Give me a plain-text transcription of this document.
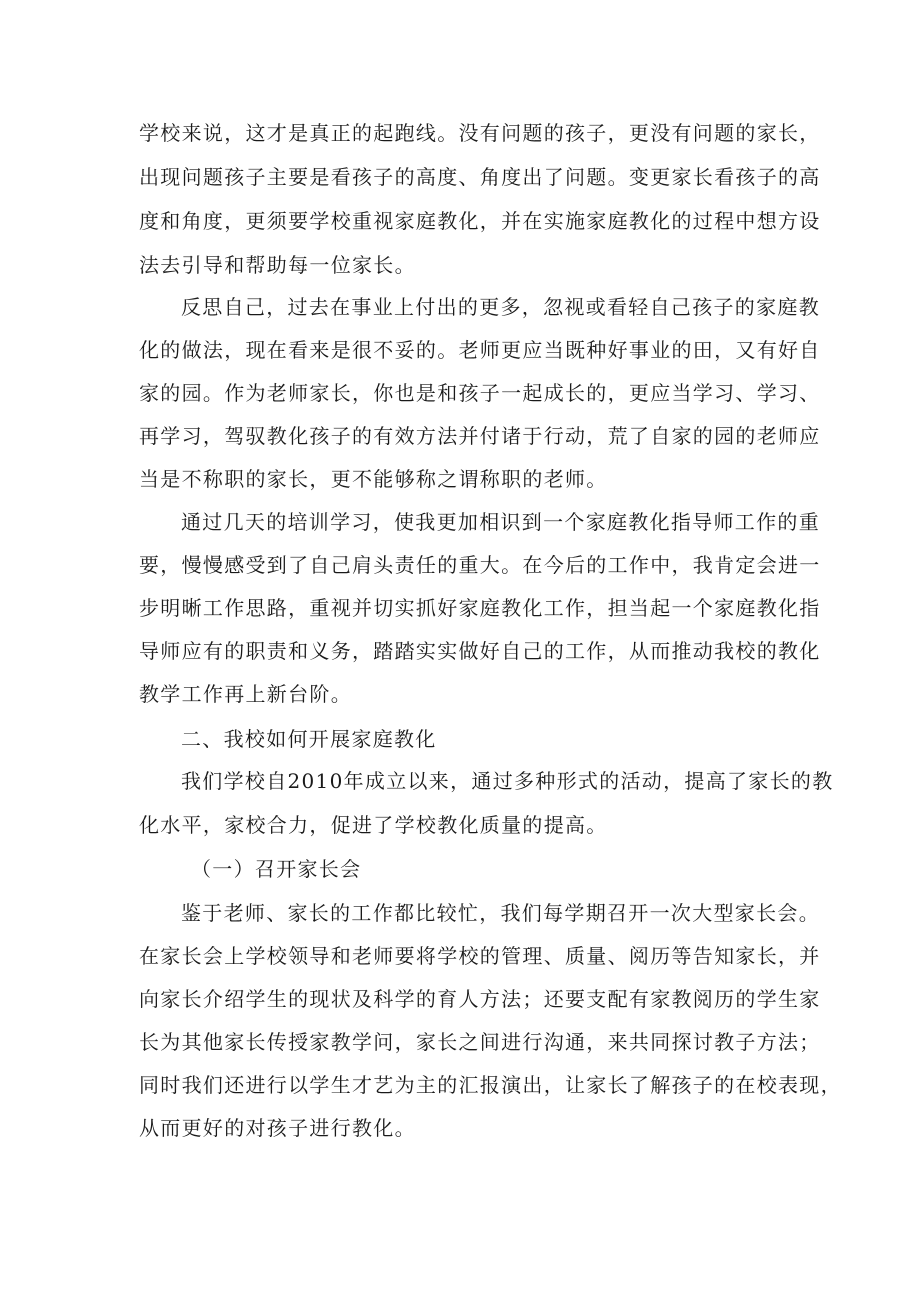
学校来说，这才是真正的起跑线。没有问题的孩子，更没有问题的家长，
出现问题孩子主要是看孩子的高度、角度出了问题。变更家长看孩子的高
度和角度，更须要学校重视家庭教化，并在实施家庭教化的过程中想方设
法去引导和帮助每一位家长。
反思自己，过去在事业上付出的更多，忽视或看轻自己孩子的家庭教
化的做法，现在看来是很不妥的。老师更应当既种好事业的田，又有好自
家的园。作为老师家长，你也是和孩子一起成长的，更应当学习、学习、
再学习，驾驭教化孩子的有效方法并付诸于行动，荒了自家的园的老师应
当是不称职的家长，更不能够称之谓称职的老师。
通过几天的培训学习，使我更加相识到一个家庭教化指导师工作的重
要，慢慢感受到了自己肩头责任的重大。在今后的工作中，我肯定会进一
步明晰工作思路，重视并切实抓好家庭教化工作，担当起一个家庭教化指
导师应有的职责和义务，踏踏实实做好自己的工作，从而推动我校的教化
教学工作再上新台阶。
二、我校如何开展家庭教化
我们学校自2010年成立以来，通过多种形式的活动，提高了家长的教
化水平，家校合力，促进了学校教化质量的提高。
（一）召开家长会
鉴于老师、家长的工作都比较忙，我们每学期召开一次大型家长会。
在家长会上学校领导和老师要将学校的管理、质量、阅历等告知家长，并
向家长介绍学生的现状及科学的育人方法；还要支配有家教阅历的学生家
长为其他家长传授家教学问，家长之间进行沟通，来共同探讨教子方法；
同时我们还进行以学生才艺为主的汇报演出，让家长了解孩子的在校表现，
从而更好的对孩子进行教化。
